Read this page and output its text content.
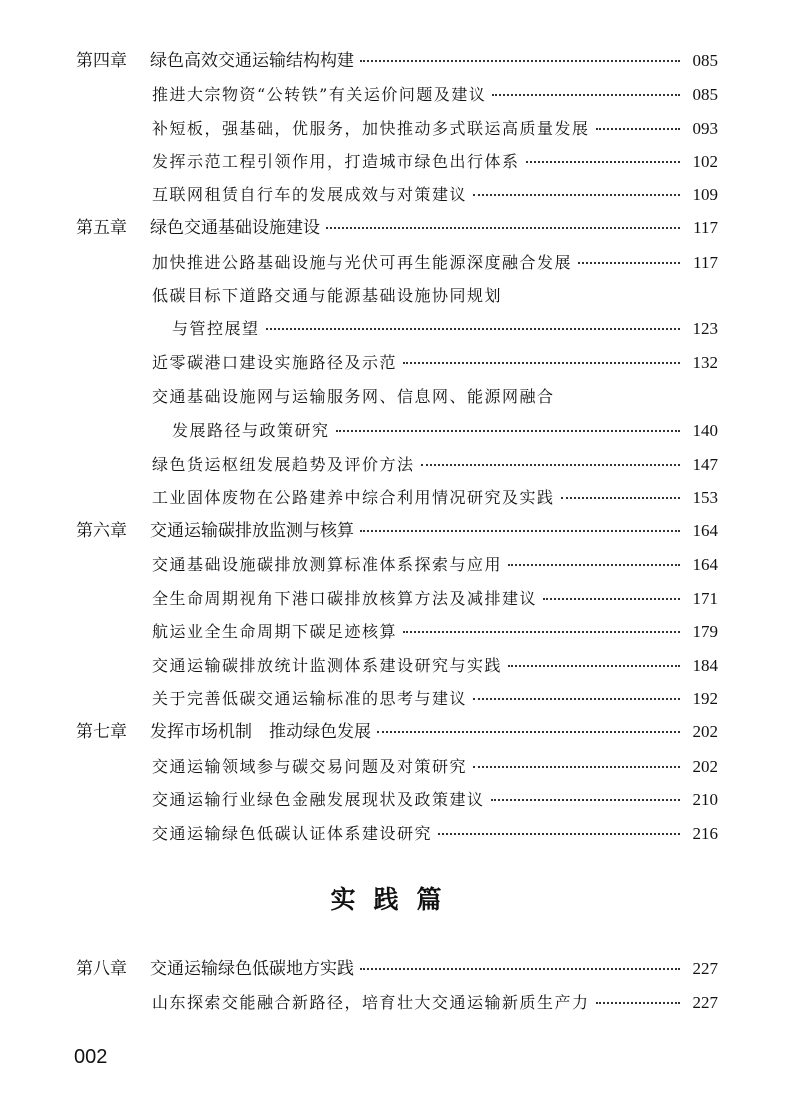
第四章	绿色高效交通运输结构构建	085
推进大宗物资“公转铁”有关运价问题及建议	085
补短板，强基础，优服务，加快推动多式联运高质量发展	093
发挥示范工程引领作用，打造城市绿色出行体系	102
互联网租赁自行车的发展成效与对策建议	109
第五章	绿色交通基础设施建设	117
加快推进公路基础设施与光伏可再生能源深度融合发展	117
低碳目标下道路交通与能源基础设施协同规划
与管控展望	123
近零碳港口建设实施路径及示范	132
交通基础设施网与运输服务网、信息网、能源网融合
发展路径与政策研究	140
绿色货运枢纽发展趋势及评价方法	147
工业固体废物在公路建养中综合利用情况研究及实践	153
第六章	交通运输碳排放监测与核算	164
交通基础设施碳排放测算标准体系探索与应用	164
全生命周期视角下港口碳排放核算方法及减排建议	171
航运业全生命周期下碳足迹核算	179
交通运输碳排放统计监测体系建设研究与实践	184
关于完善低碳交通运输标准的思考与建议	192
第七章	发挥市场机制　推动绿色发展	202
交通运输领域参与碳交易问题及对策研究	202
交通运输行业绿色金融发展现状及政策建议	210
交通运输绿色低碳认证体系建设研究	216
实践篇
第八章	交通运输绿色低碳地方实践	227
山东探索交能融合新路径，培育壮大交通运输新质生产力	227
002
